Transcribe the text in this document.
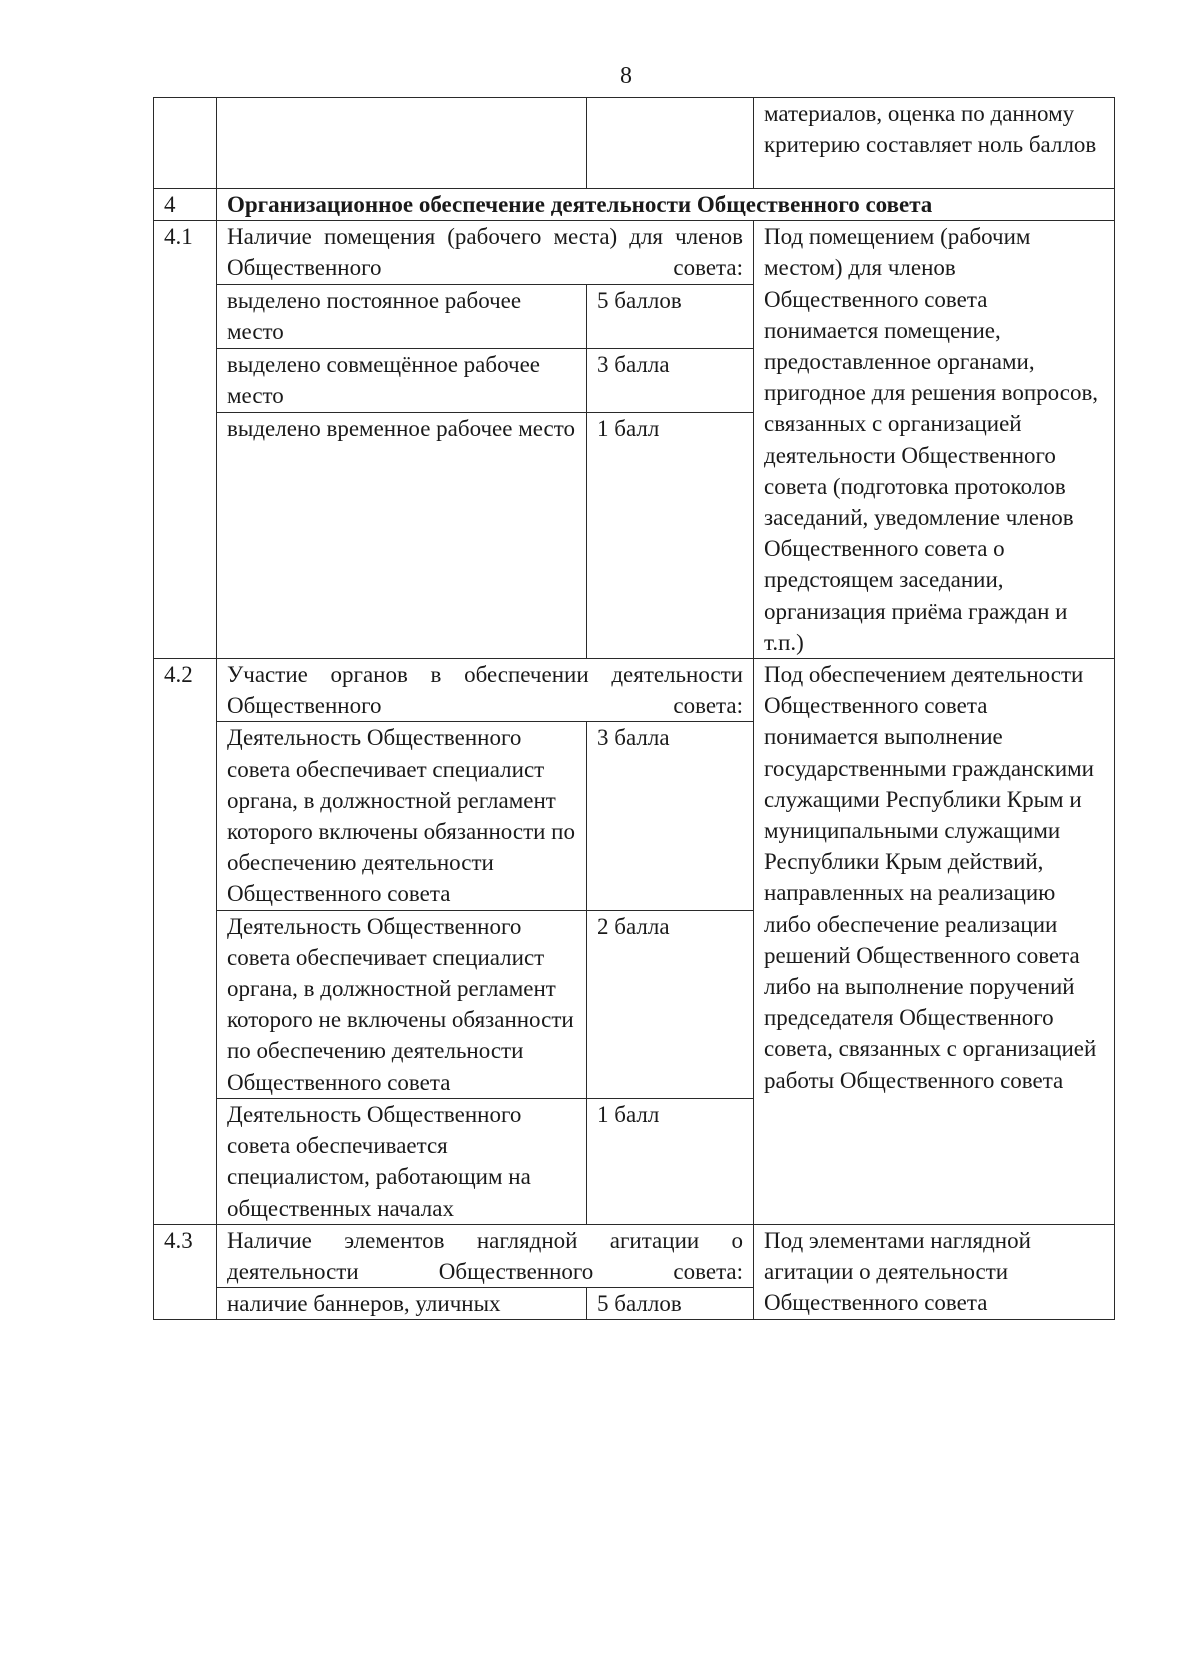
8

			материалов, оценка по данному критерию составляет ноль баллов

4	Организационное обеспечение деятельности Общественного совета		
4.1	Наличие помещения (рабочего места) для членов Общественного совета:		Под помещением (рабочим местом) для членов Общественного совета понимается помещение, предоставленное органами, пригодное для решения вопросов, связанных с организацией деятельности Общественного совета (подготовка протоколов заседаний, уведомление членов Общественного совета о предстоящем заседании, организация приёма граждан и т.п.)

	выделено постоянное рабочее место	5 баллов	
	выделено совмещённое рабочее место	3 балла	
	выделено временное рабочее место	1 балл	
4.2	Участие органов в обеспечении деятельности Общественного совета:		Под обеспечением деятельности Общественного совета понимается выполнение государственными гражданскими служащими Республики Крым и муниципальными служащими Республики Крым действий, направленных на реализацию либо обеспечение реализации решений Общественного совета либо на выполнение поручений председателя Общественного совета, связанных с организацией работы Общественного совета

	Деятельность Общественного совета обеспечивает специалист органа, в должностной регламент которого включены обязанности по обеспечению деятельности Общественного совета	3 балла	
	Деятельность Общественного совета обеспечивает специалист органа, в должностной регламент которого не включены обязанности по обеспечению деятельности Общественного совета	2 балла	
	Деятельность Общественного совета обеспечивается специалистом, работающим на общественных началах	1 балл	
4.3	Наличие элементов наглядной агитации о деятельности Общественного совета:		Под элементами наглядной агитации о деятельности Общественного совета

	наличие баннеров, уличных	5 баллов	
